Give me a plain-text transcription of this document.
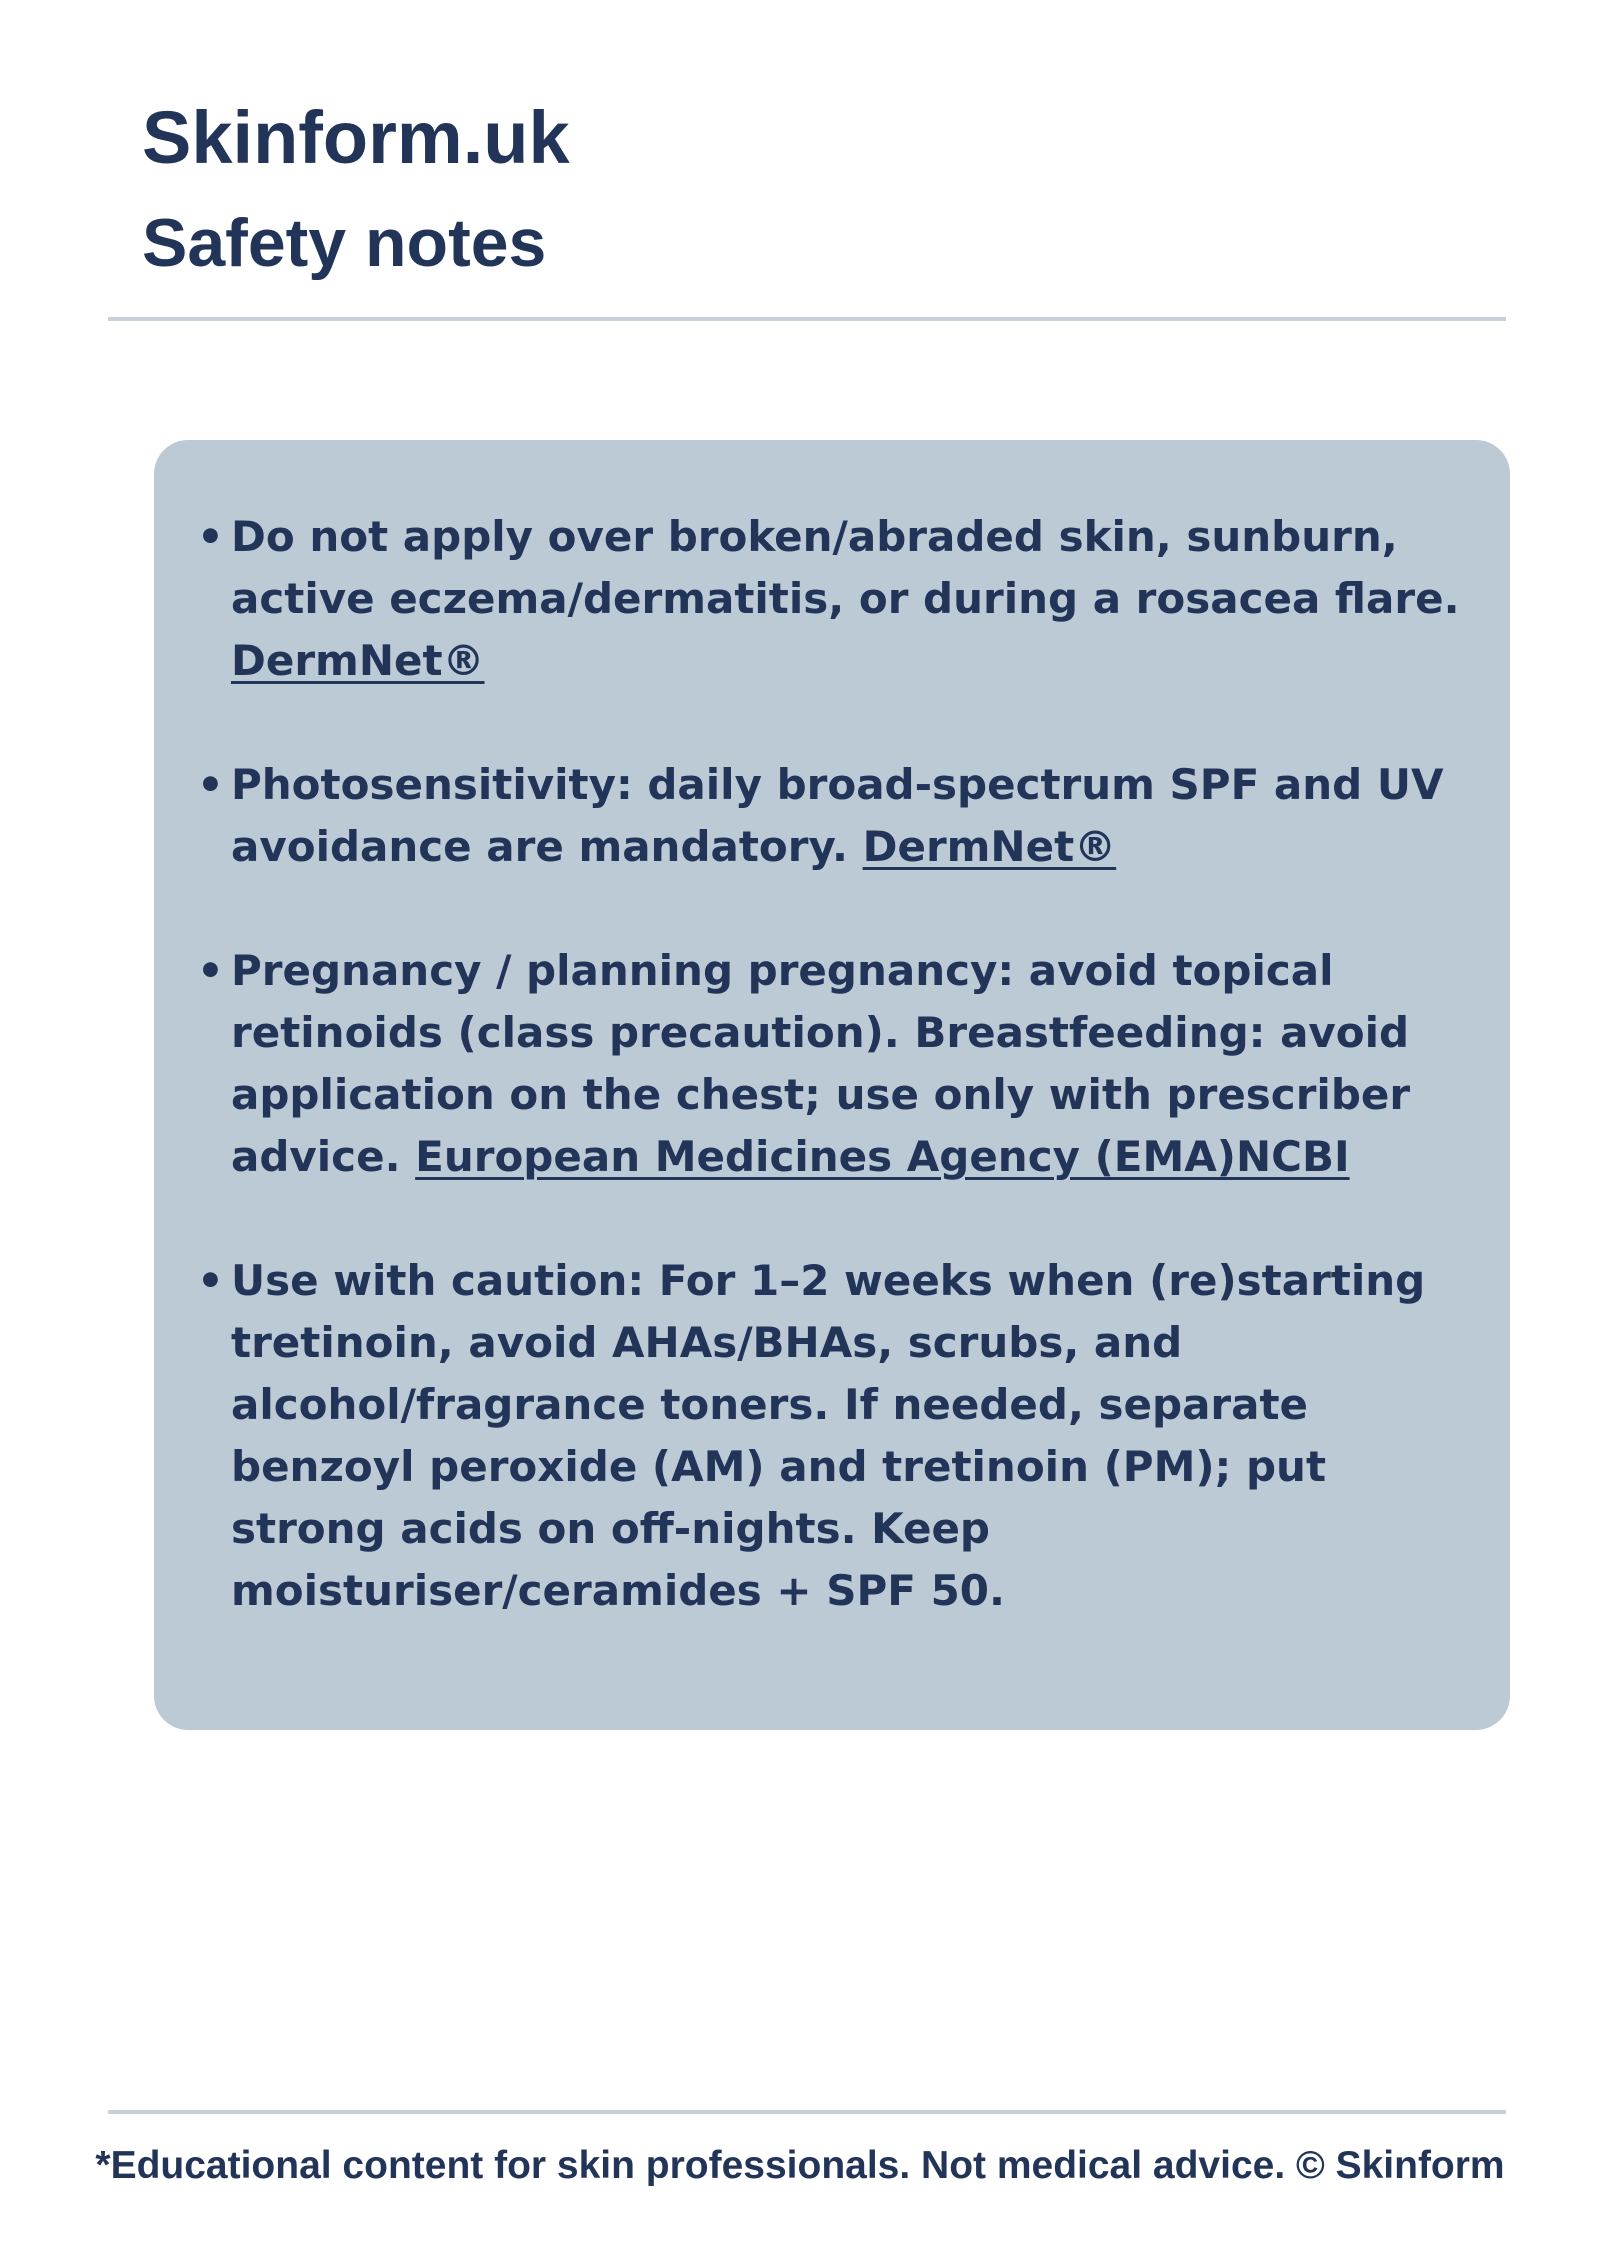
Skinform.uk
Safety notes
• Do not apply over broken/abraded skin, sunburn, active eczema/dermatitis, or during a rosacea flare. DermNet®
• Photosensitivity: daily broad-spectrum SPF and UV avoidance are mandatory. DermNet®
• Pregnancy / planning pregnancy: avoid topical retinoids (class precaution). Breastfeeding: avoid application on the chest; use only with prescriber advice. European Medicines Agency (EMA)NCBI
• Use with caution: For 1–2 weeks when (re)starting tretinoin, avoid AHAs/BHAs, scrubs, and alcohol/fragrance toners. If needed, separate benzoyl peroxide (AM) and tretinoin (PM); put strong acids on off-nights. Keep moisturiser/ceramides + SPF 50.

*Educational content for skin professionals. Not medical advice. © Skinform
